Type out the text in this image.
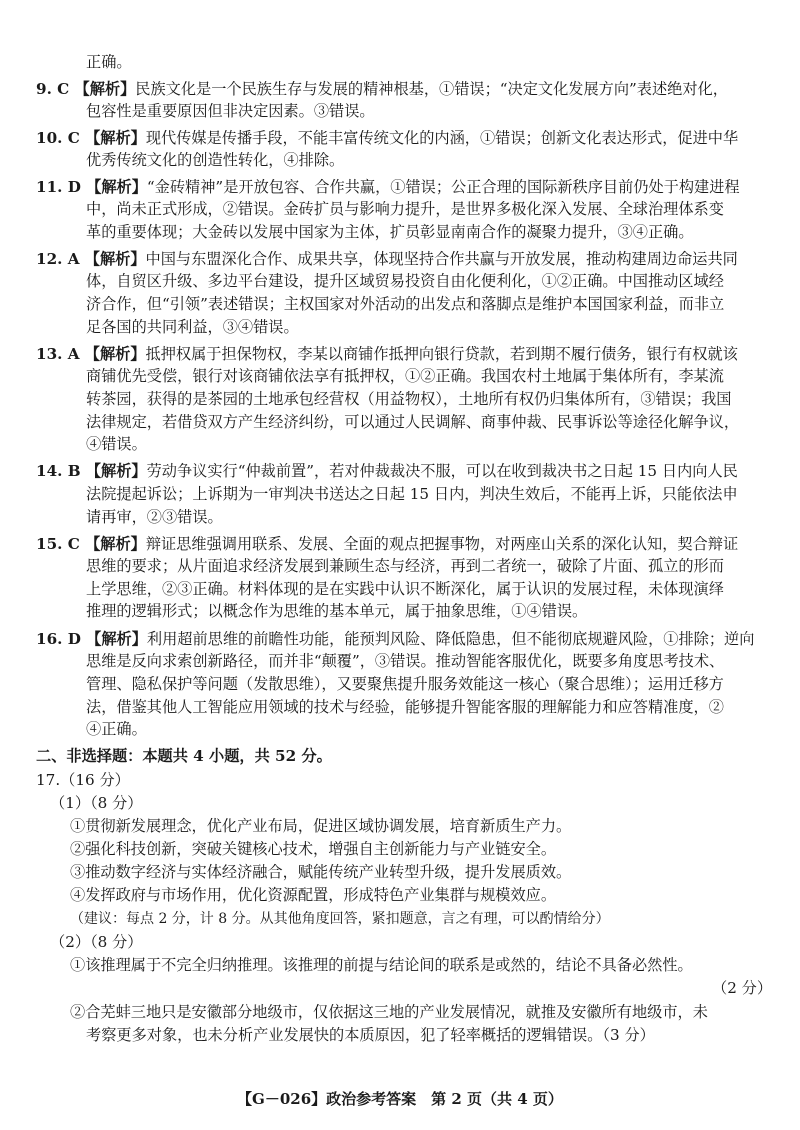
正确。
9. C 【解析】民族文化是一个民族生存与发展的精神根基，①错误；“决定文化发展方向”表述绝对化，
包容性是重要原因但非决定因素。③错误。
10. C 【解析】现代传媒是传播手段，不能丰富传统文化的内涵，①错误；创新文化表达形式，促进中华
优秀传统文化的创造性转化，④排除。
11. D 【解析】“金砖精神”是开放包容、合作共赢，①错误；公正合理的国际新秩序目前仍处于构建进程
中，尚未正式形成，②错误。金砖扩员与影响力提升，是世界多极化深入发展、全球治理体系变
革的重要体现；大金砖以发展中国家为主体，扩员彰显南南合作的凝聚力提升，③④正确。
12. A 【解析】中国与东盟深化合作、成果共享，体现坚持合作共赢与开放发展，推动构建周边命运共同
体，自贸区升级、多边平台建设，提升区域贸易投资自由化便利化，①②正确。中国推动区域经
济合作，但“引领”表述错误；主权国家对外活动的出发点和落脚点是维护本国国家利益，而非立
足各国的共同利益，③④错误。
13. A 【解析】抵押权属于担保物权，李某以商铺作抵押向银行贷款，若到期不履行债务，银行有权就该
商铺优先受偿，银行对该商铺依法享有抵押权，①②正确。我国农村土地属于集体所有，李某流
转茶园，获得的是茶园的土地承包经营权（用益物权），土地所有权仍归集体所有，③错误；我国
法律规定，若借贷双方产生经济纠纷，可以通过人民调解、商事仲裁、民事诉讼等途径化解争议，
④错误。
14. B 【解析】劳动争议实行“仲裁前置”，若对仲裁裁决不服，可以在收到裁决书之日起 15 日内向人民
法院提起诉讼；上诉期为一审判决书送达之日起 15 日内，判决生效后，不能再上诉，只能依法申
请再审，②③错误。
15. C 【解析】辩证思维强调用联系、发展、全面的观点把握事物，对两座山关系的深化认知，契合辩证
思维的要求；从片面追求经济发展到兼顾生态与经济，再到二者统一，破除了片面、孤立的形而
上学思维，②③正确。材料体现的是在实践中认识不断深化，属于认识的发展过程，未体现演绎
推理的逻辑形式；以概念作为思维的基本单元，属于抽象思维，①④错误。
16. D 【解析】利用超前思维的前瞻性功能，能预判风险、降低隐患，但不能彻底规避风险，①排除；逆向
思维是反向求索创新路径，而并非“颠覆”，③错误。推动智能客服优化，既要多角度思考技术、
管理、隐私保护等问题（发散思维），又要聚焦提升服务效能这一核心（聚合思维）；运用迁移方
法，借鉴其他人工智能应用领域的技术与经验，能够提升智能客服的理解能力和应答精准度，②
④正确。
二、非选择题：本题共 4 小题，共 52 分。
17.（16 分）
（1）（8 分）
①贯彻新发展理念，优化产业布局，促进区域协调发展，培育新质生产力。
②强化科技创新，突破关键核心技术，增强自主创新能力与产业链安全。
③推动数字经济与实体经济融合，赋能传统产业转型升级，提升发展质效。
④发挥政府与市场作用，优化资源配置，形成特色产业集群与规模效应。
（建议：每点 2 分，计 8 分。从其他角度回答，紧扣题意，言之有理，可以酌情给分）
（2）（8 分）
①该推理属于不完全归纳推理。该推理的前提与结论间的联系是或然的，结论不具备必然性。
（2 分）
②合芜蚌三地只是安徽部分地级市，仅依据这三地的产业发展情况，就推及安徽所有地级市，未
考察更多对象，也未分析产业发展快的本质原因，犯了轻率概括的逻辑错误。（3 分）
【G－026】政治参考答案　第 2 页（共 4 页）
